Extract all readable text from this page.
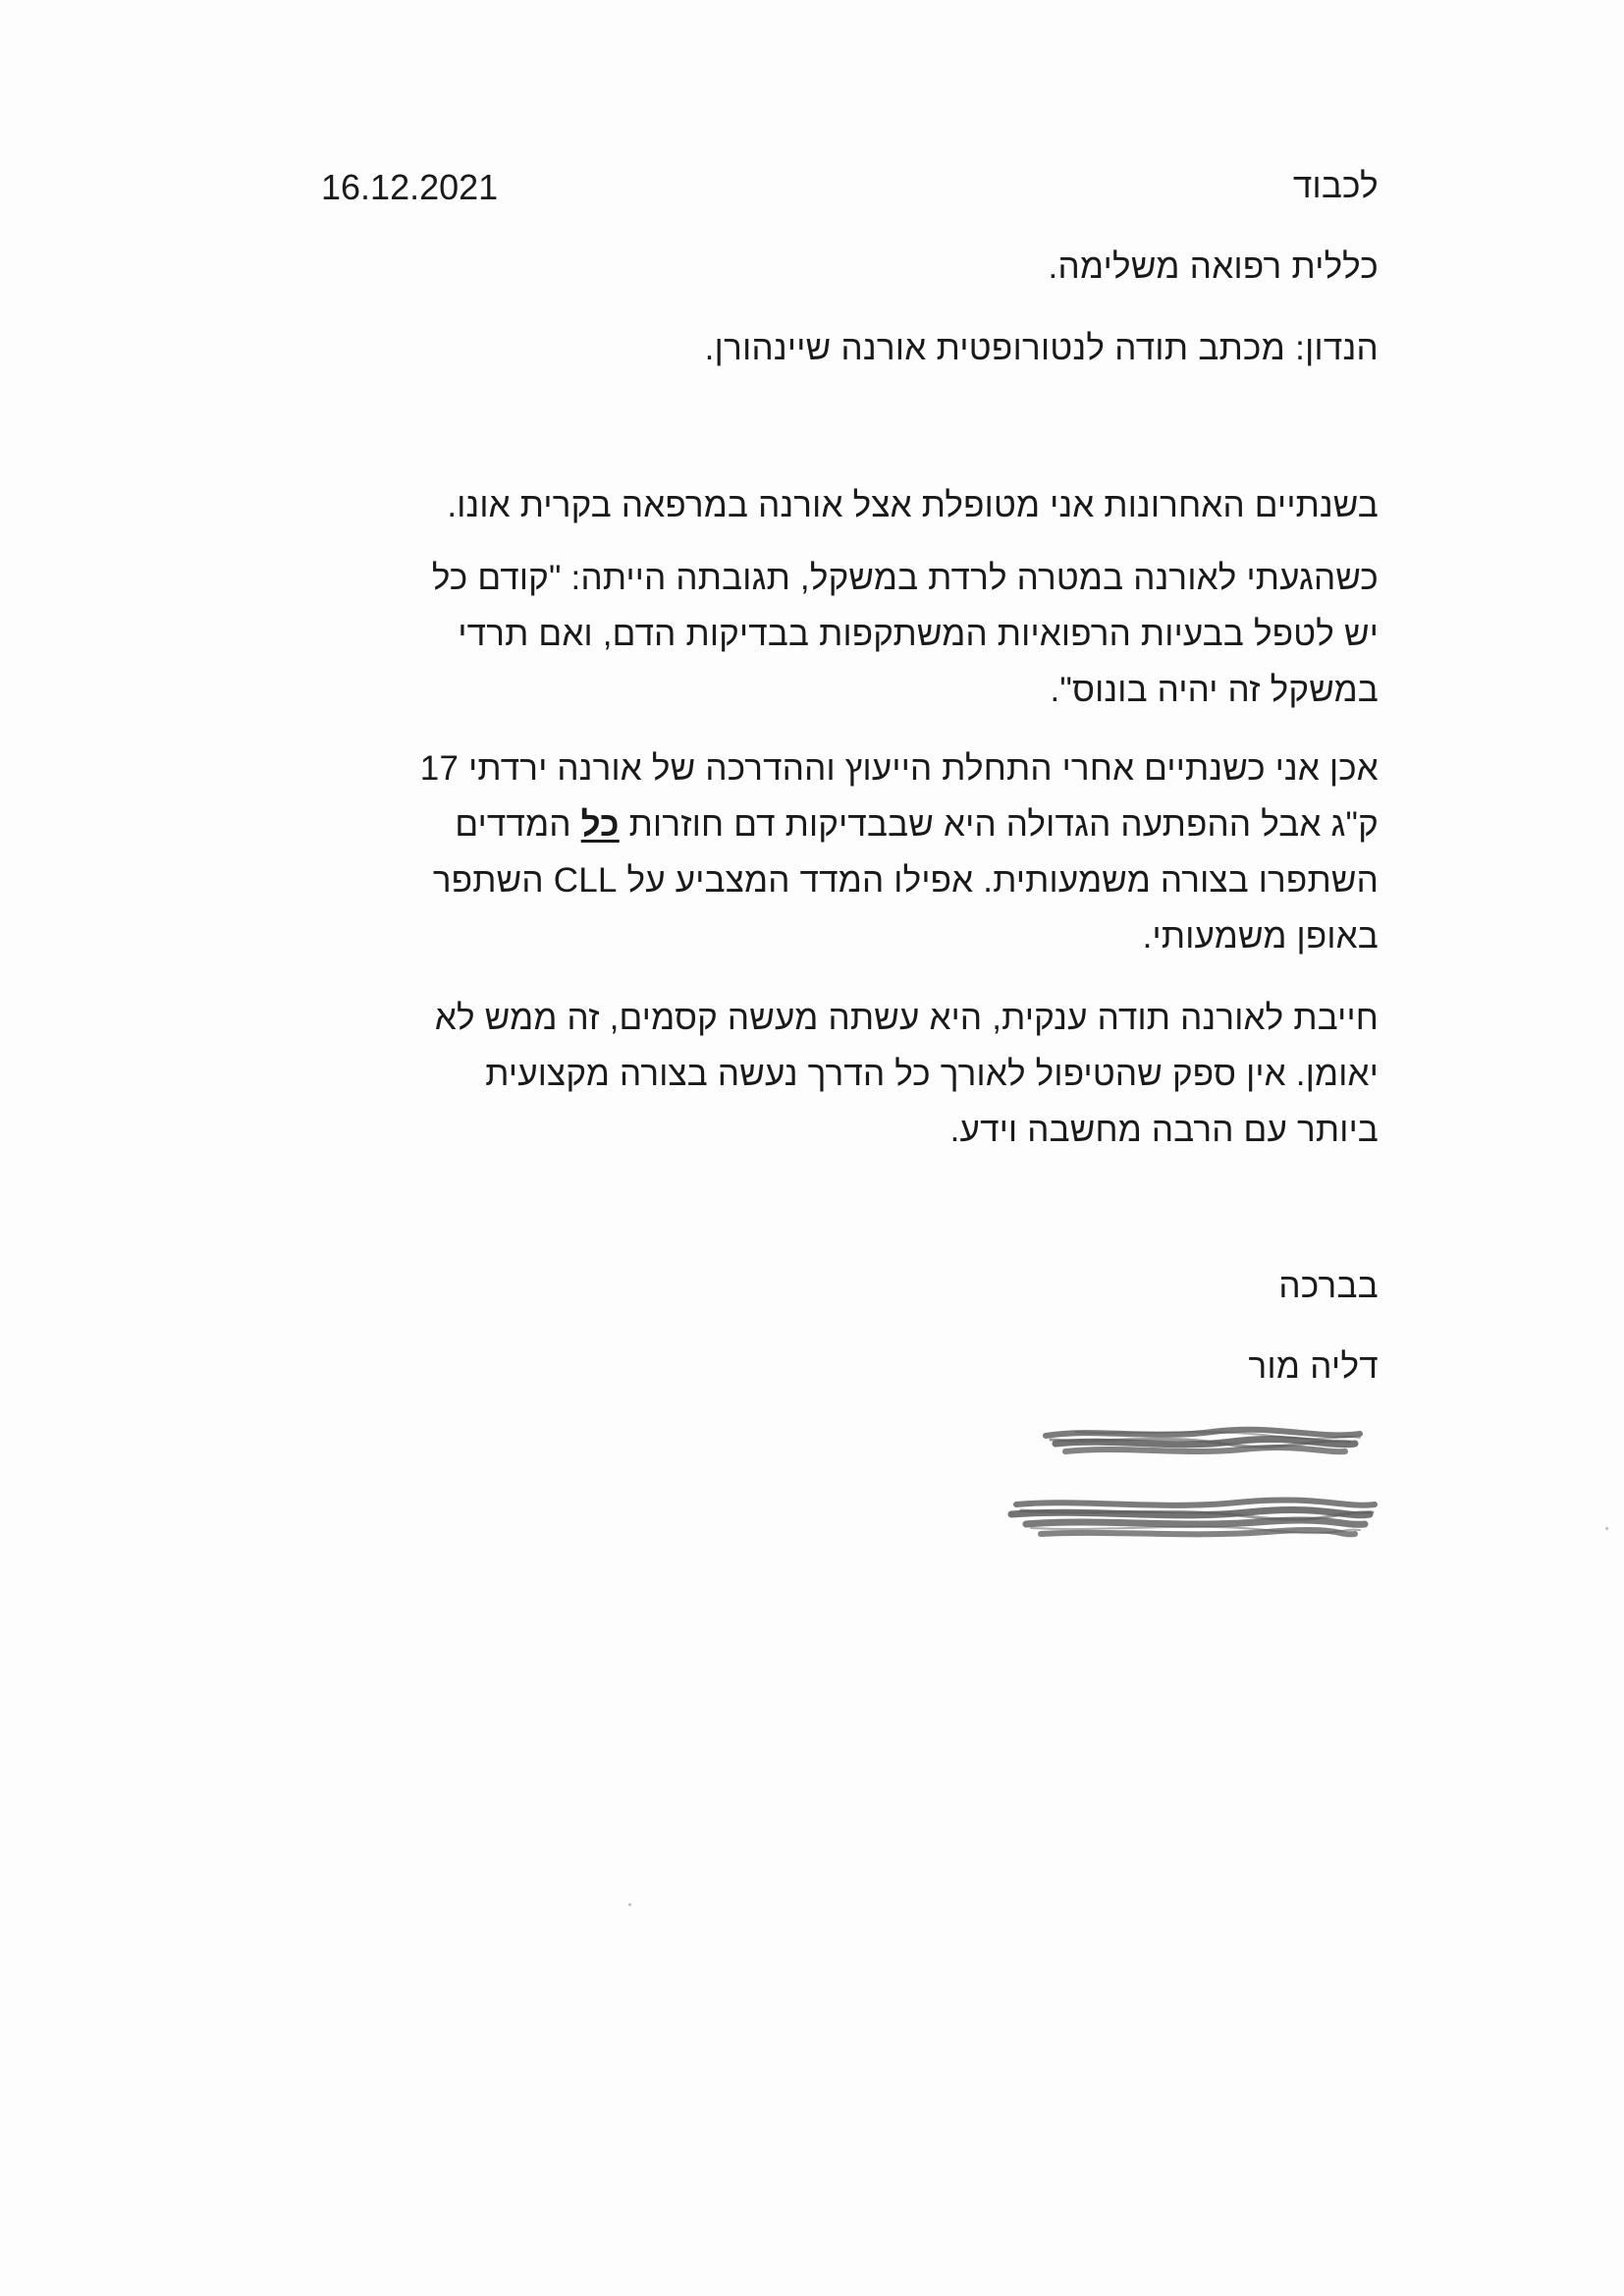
16.12.2021	לכבוד
כללית רפואה משלימה.
הנדון: מכתב תודה לנטורופטית אורנה שיינהורן.
בשנתיים האחרונות אני מטופלת אצל אורנה במרפאה בקרית אונו.
כשהגעתי לאורנה במטרה לרדת במשקל, תגובתה הייתה: "קודם כל
יש לטפל בבעיות הרפואיות המשתקפות בבדיקות הדם, ואם תרדי
במשקל זה יהיה בונוס".
אכן אני כשנתיים אחרי התחלת הייעוץ וההדרכה של אורנה ירדתי 17
ק"ג אבל ההפתעה הגדולה היא שבבדיקות דם חוזרות כל המדדים
השתפרו בצורה משמעותית. אפילו המדד המצביע על CLL השתפר
באופן משמעותי.
חייבת לאורנה תודה ענקית, היא עשתה מעשה קסמים, זה ממש לא
יאומן. אין ספק שהטיפול לאורך כל הדרך נעשה בצורה מקצועית
ביותר עם הרבה מחשבה וידע.
בברכה
דליה מור
